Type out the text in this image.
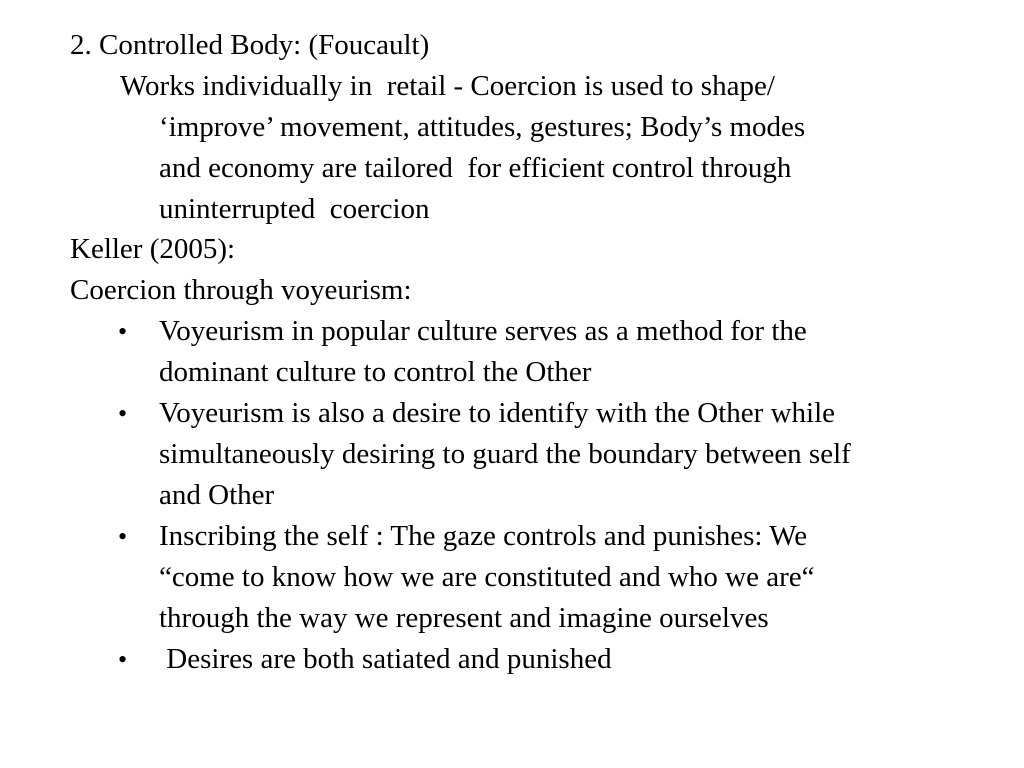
2. Controlled Body: (Foucault)
Works individually in  retail - Coercion is used to shape/
‘improve’ movement, attitudes, gestures; Body’s modes
and economy are tailored  for efficient control through
uninterrupted  coercion
Keller (2005):
Coercion through voyeurism:
• Voyeurism in popular culture serves as a method for the
dominant culture to control the Other
• Voyeurism is also a desire to identify with the Other while
simultaneously desiring to guard the boundary between self
and Other
• Inscribing the self : The gaze controls and punishes: We
“come to know how we are constituted and who we are“
through the way we represent and imagine ourselves
• Desires are both satiated and punished
